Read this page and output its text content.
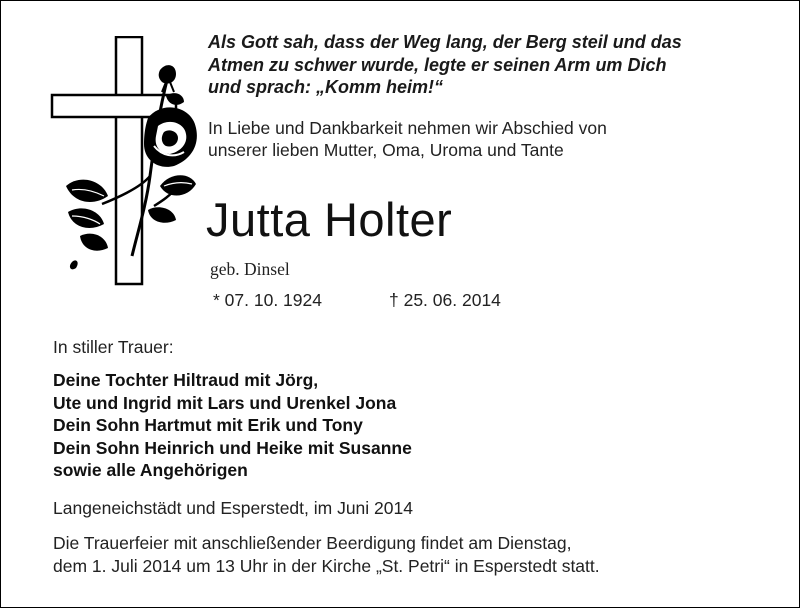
Als Gott sah, dass der Weg lang, der Berg steil und das
Atmen zu schwer wurde, legte er seinen Arm um Dich
und sprach: „Komm heim!“
In Liebe und Dankbarkeit nehmen wir Abschied von
unserer lieben Mutter, Oma, Uroma und Tante
Jutta Holter
geb. Dinsel
* 07. 10. 1924	† 25. 06. 2014
In stiller Trauer:
Deine Tochter Hiltraud mit Jörg,
Ute und Ingrid mit Lars und Urenkel Jona
Dein Sohn Hartmut mit Erik und Tony
Dein Sohn Heinrich und Heike mit Susanne
sowie alle Angehörigen
Langeneichstädt und Esperstedt, im Juni 2014
Die Trauerfeier mit anschließender Beerdigung findet am Dienstag,
dem 1. Juli 2014 um 13 Uhr in der Kirche „St. Petri“ in Esperstedt statt.
